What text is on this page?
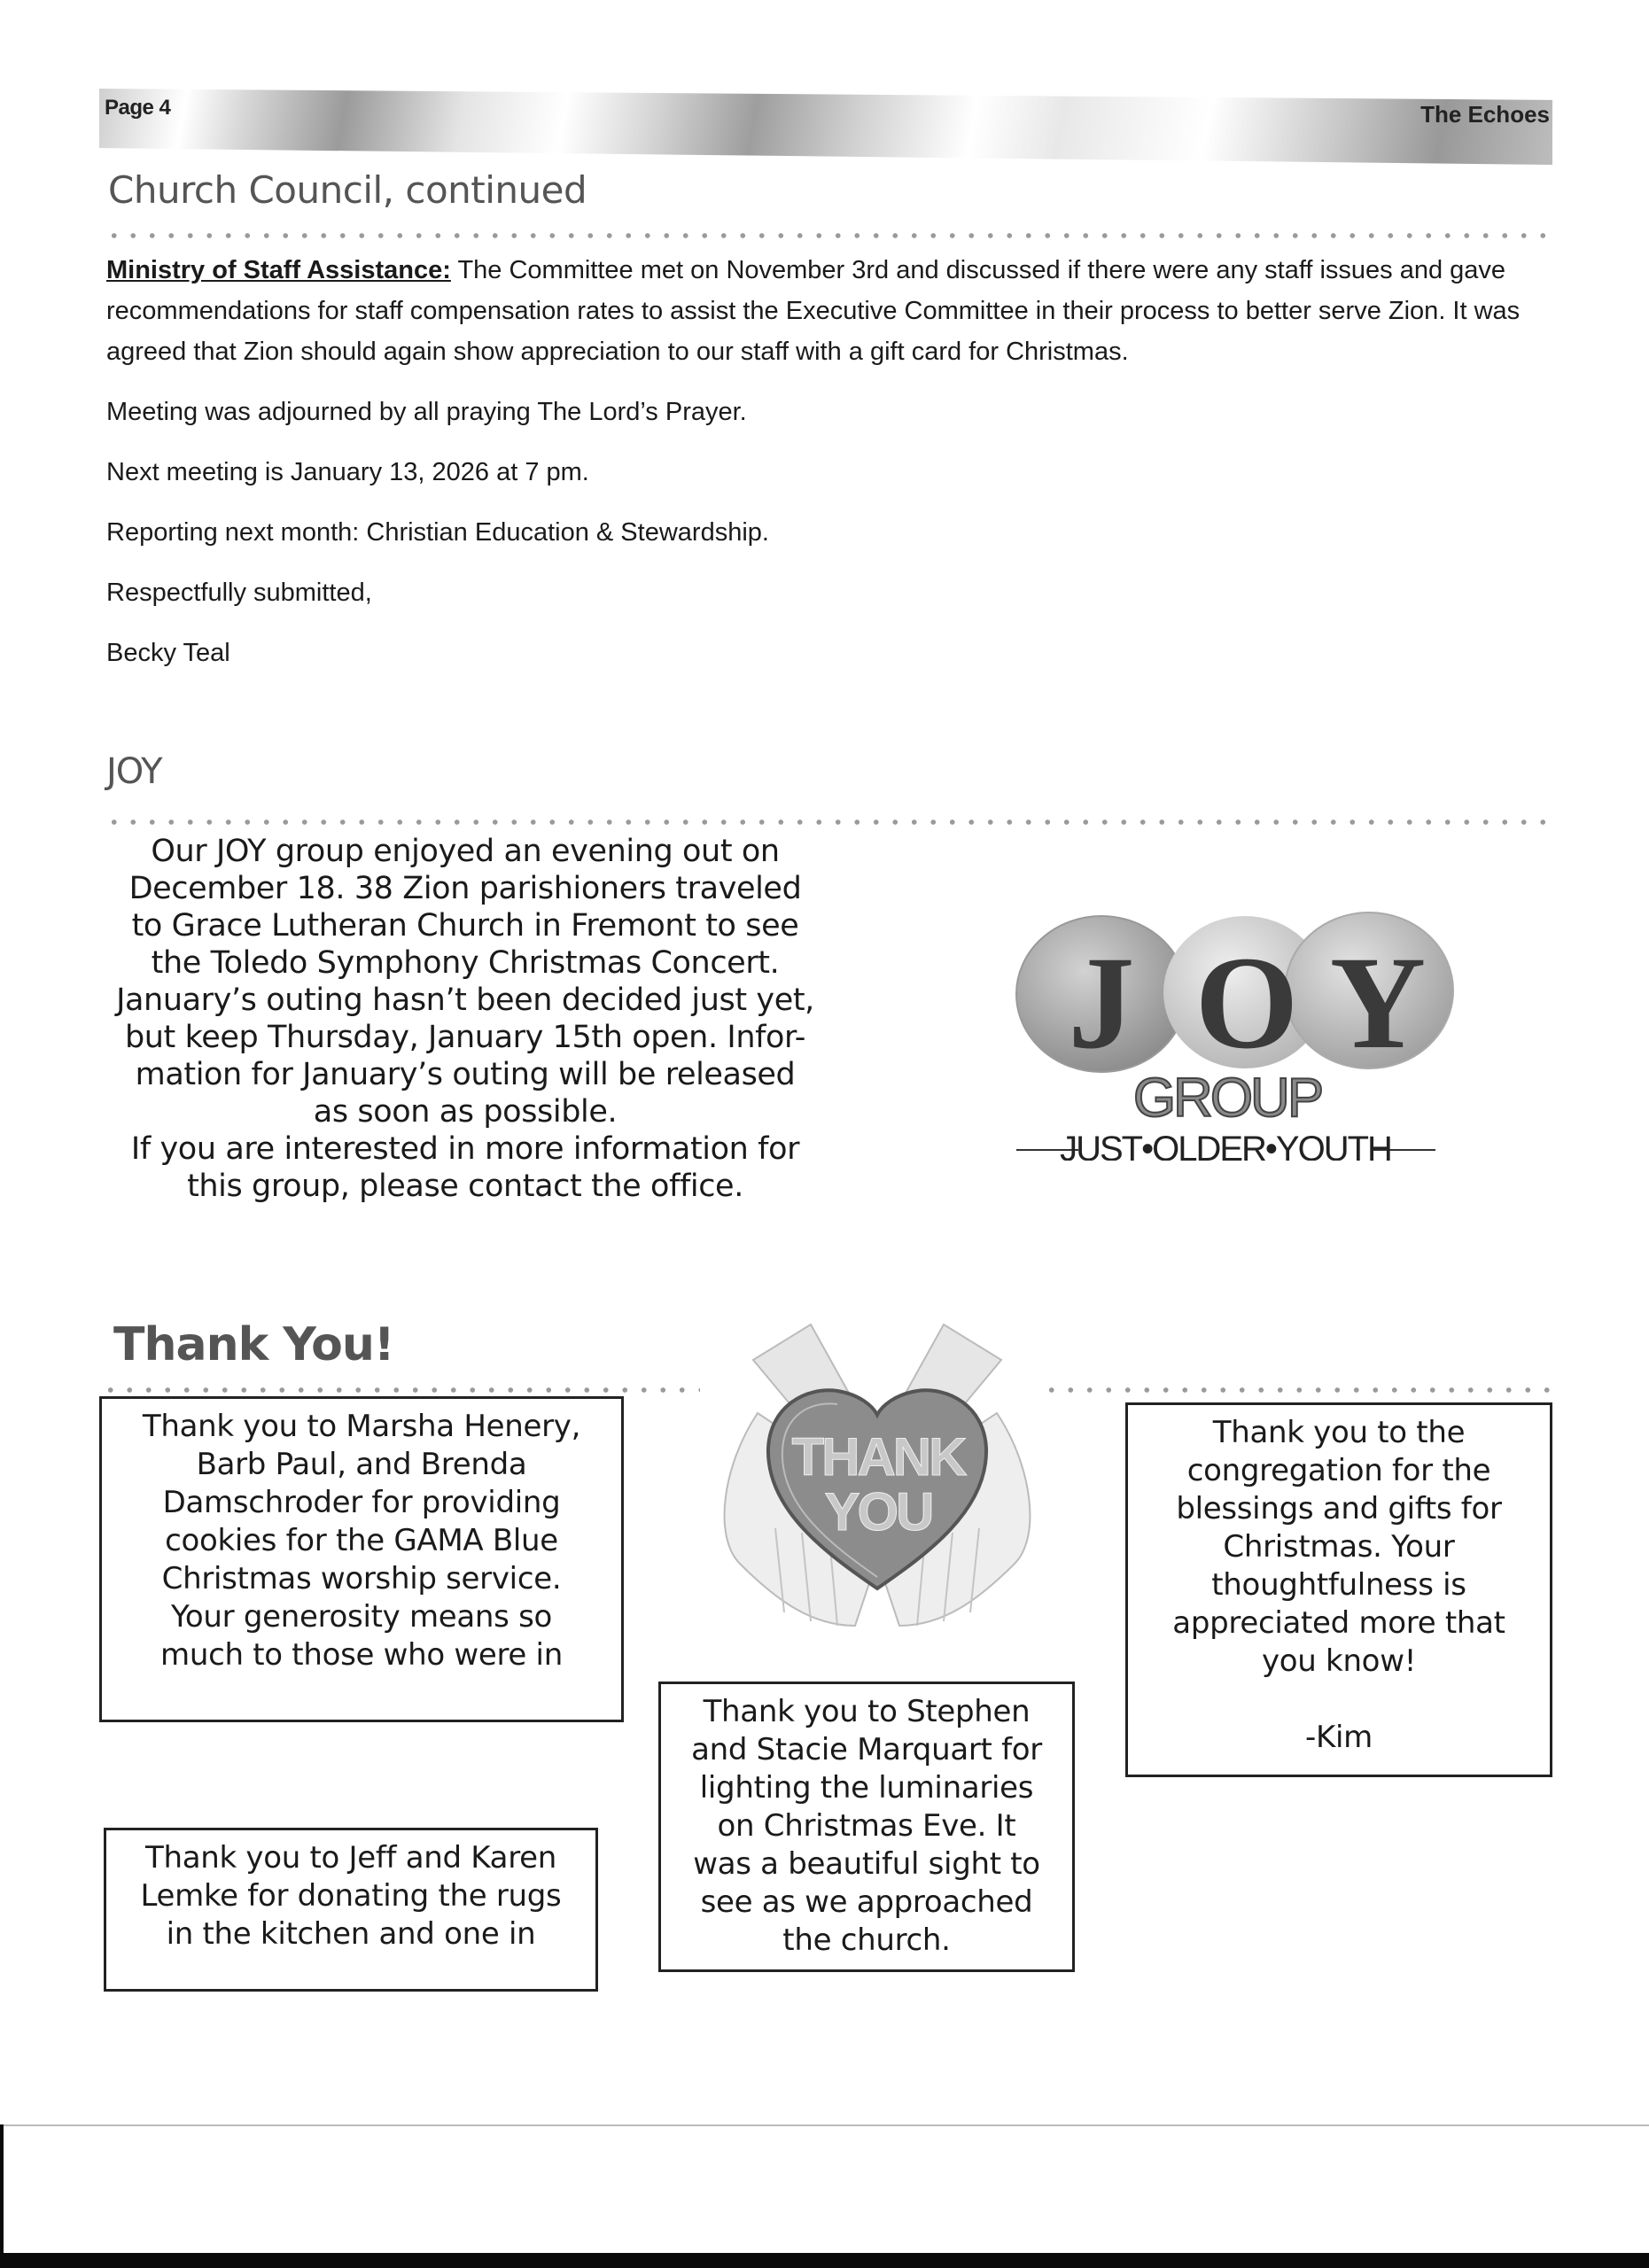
Page 4	The Echoes
Church Council, continued

Ministry of Staff Assistance: The Committee met on November 3rd and discussed if there were any staff issues and gave recommendations for staff compensation rates to assist the Executive Committee in their process to better serve Zion. It was agreed that Zion should again show appreciation to our staff with a gift card for Christmas.

Meeting was adjourned by all praying The Lord’s Prayer.

Next meeting is January 13, 2026 at 7 pm.

Reporting next month: Christian Education & Stewardship.

Respectfully submitted,

Becky Teal

JOY
Our JOY group enjoyed an evening out on
December 18. 38 Zion parishioners traveled
to Grace Lutheran Church in Fremont to see
the Toledo Symphony Christmas Concert.
January’s outing hasn’t been decided just yet,
but keep Thursday, January 15th open. Infor-
mation for January’s outing will be released
as soon as possible.
If you are interested in more information for
this group, please contact the office.
J O Y
GROUP
JUST•OLDER•YOUTH
Thank You!
THANK
YOU
Thank you to Marsha Henery,
Barb Paul, and Brenda
Damschroder for providing
cookies for the GAMA Blue
Christmas worship service.
Your generosity means so
much to those who were in
Thank you to Jeff and Karen
Lemke for donating the rugs
in the kitchen and one in
Thank you to Stephen
and Stacie Marquart for
lighting the luminaries
on Christmas Eve. It
was a beautiful sight to
see as we approached
the church.
Thank you to the
congregation for the
blessings and gifts for
Christmas. Your
thoughtfulness is
appreciated more that
you know!
-Kim
